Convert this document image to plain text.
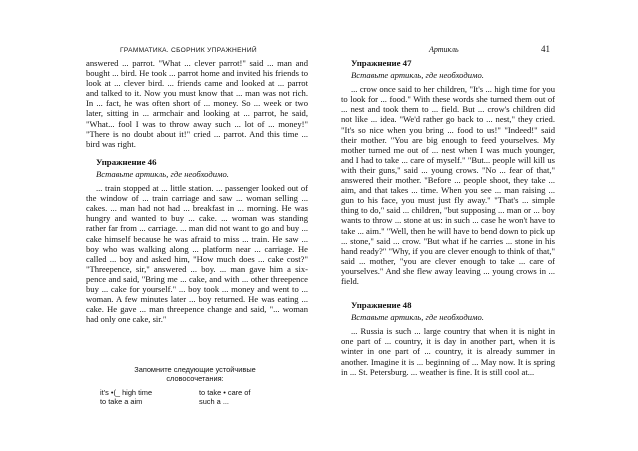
ГРАММАТИКА. СБОРНИК УПРАЖНЕНИЙ

answered ... parrot. "What ... clever parrot!" said ... man and bought ... bird. He took ... parrot home and invited his friends to look at ... clever bird. ... friends came and looked at ... parrot and talked to it. Now you must know that ... man was not rich. In ... fact, he was often short of ... money. So ... week or two later, sitting in ... armchair and looking at ... parrot, he said, "What... fool I was to throw away such ... lot of ... money!" "There is no doubt about it!" cried ... parrot. And this time ... bird was right.

Упражнение 46
Вставьте артикль, где необходимо.

... train stopped at ... little station. ... passenger looked out of the window of ... train carriage and saw ... woman selling ... cakes. ... man had not had ... breakfast in ... morning. He was hungry and wanted to buy ... cake. ... woman was standing rather far from ... carriage. ... man did not want to go and buy ... cake himself because he was afraid to miss ... train. He saw ... boy who was walking along ... platform near ... carriage. He called ... boy and asked him, "How much does ... cake cost?" "Threepence, sir," answered ... boy. ... man gave him a six-pence and said, "Bring me ... cake, and with ... other threepence buy ... cake for yourself." ... boy took ... money and went to ... woman. A few minutes later ... boy returned. He was eating ... cake. He gave ... man threepence change and said, "... woman had only one cake, sir."

Запомните следующие устойчивые
словосочетания:
it's •(_ high time	to take • care of
to take a aim	such a ...
Артикль	41
Упражнение 47
Вставьте артикль, где необходимо.

... crow once said to her children, "It's ... high time for you to look for ... food." With these words she turned them out of ... nest and took them to ... field. But ... crow's children did not like ... idea. "We'd rather go back to ... nest," they cried. "It's so nice when you bring ... food to us!" "Indeed!" said their mother. "You are big enough to feed yourselves. My mother turned me out of ... nest when I was much younger, and I had to take ... care of myself." "But... people will kill us with their guns," said ... young crows. "No ... fear of that," answered their mother. "Before ... people shoot, they take ... aim, and that takes ... time. When you see ... man raising ... gun to his face, you must just fly away." "That's ... simple thing to do," said ... children, "but supposing ... man or ... boy wants to throw ... stone at us: in such ... case he won't have to take ... aim." "Well, then he will have to bend down to pick up ... stone," said ... crow. "But what if he carries ... stone in his hand ready?" "Why, if you are clever enough to think of that," said ... mother, "you are clever enough to take ... care of yourselves." And she flew away leaving ... young crows in ... field.

Упражнение 48
Вставьте артикль, где необходимо.

... Russia is such ... large country that when it is night in one part of ... country, it is day in another part, when it is winter in one part of ... country, it is already summer in another. Imagine it is ... beginning of ... May now. It is spring in ... St. Petersburg. ... weather is fine. It is still cool at...
